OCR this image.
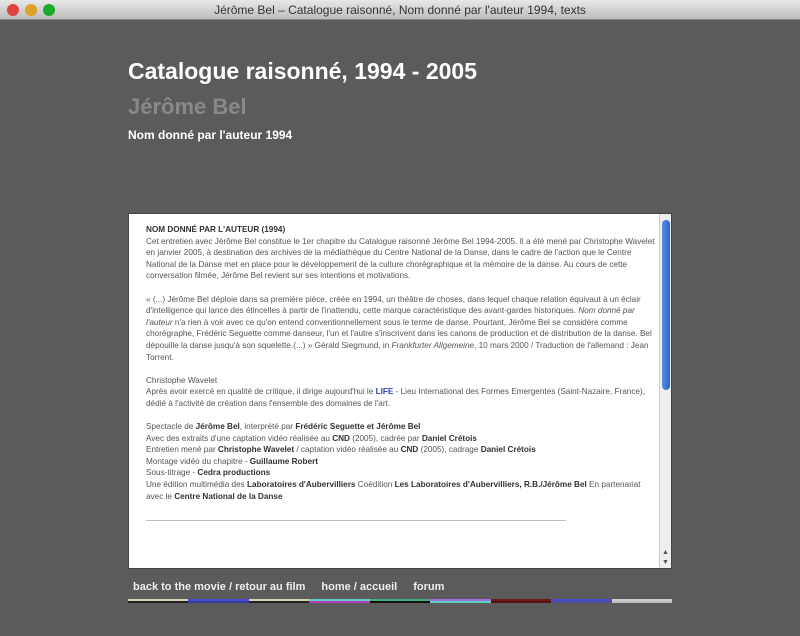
Jérôme Bel – Catalogue raisonné, Nom donné par l'auteur 1994, texts
Catalogue raisonné, 1994 - 2005
Jérôme Bel
Nom donné par l'auteur 1994
NOM DONNÉ PAR L'AUTEUR (1994)

Cet entretien avec Jérôme Bel constitue le 1er chapitre du Catalogue raisonné Jérôme Bel 1994-2005. Il a été mené par Christophe Wavelet en janvier 2005, à destination des archives de la médiathèque du Centre National de la Danse, dans le cadre de l'action que le Centre National de la Danse met en place pour le développement de la culture chorégraphique et la mémoire de la danse. Au cours de cette conversation filmée, Jérôme Bel revient sur ses intentions et motivations.

« (...) Jérôme Bel déploie dans sa première pièce, créée en 1994, un théâtre de choses, dans lequel chaque relation équivaut à un éclair d'intelligence qui lance des étincelles à partir de l'inattendu, cette marque caractéristique des avant-gardes historiques. Nom donné par l'auteur n'a rien à voir avec ce qu'on entend conventionnellement sous le terme de danse. Pourtant, Jérôme Bel se considère comme chorégraphe, Frédéric Seguette comme danseur, l'un et l'autre s'inscrivent dans les canons de production et de distribution de la danse. Bel dépouille la danse jusqu'à son squelette.(...) » Gérald Siegmund, in Frankfurter Allgemeine, 10 mars 2000 / Traduction de l'allemand : Jean Torrent.

Christophe Wavelet

Après avoir exercé en qualité de critique, il dirige aujourd'hui le LIFE - Lieu International des Formes Emergentes (Saint-Nazaire, France), dédié à l'activité de création dans l'ensemble des domaines de l'art.

Spectacle de Jérôme Bel, interprété par Frédéric Seguette et Jérôme Bel
Avec des extraits d'une captation vidéo réalisée au CND (2005), cadrée par Daniel Crétois
Entretien mené par Christophe Wavelet / captation vidéo réalisée au CND (2005), cadrage Daniel Crétois
Montage vidéo du chapitre - Guillaume Robert
Sous-titrage - Cedra productions
Une édition multimédia des Laboratoires d'Aubervilliers Coédition Les Laboratoires d'Aubervilliers, R.B./Jérôme Bel En partenariat avec le Centre National de la Danse
▲
▼
back to the movie / retour au film home / accueil forum
